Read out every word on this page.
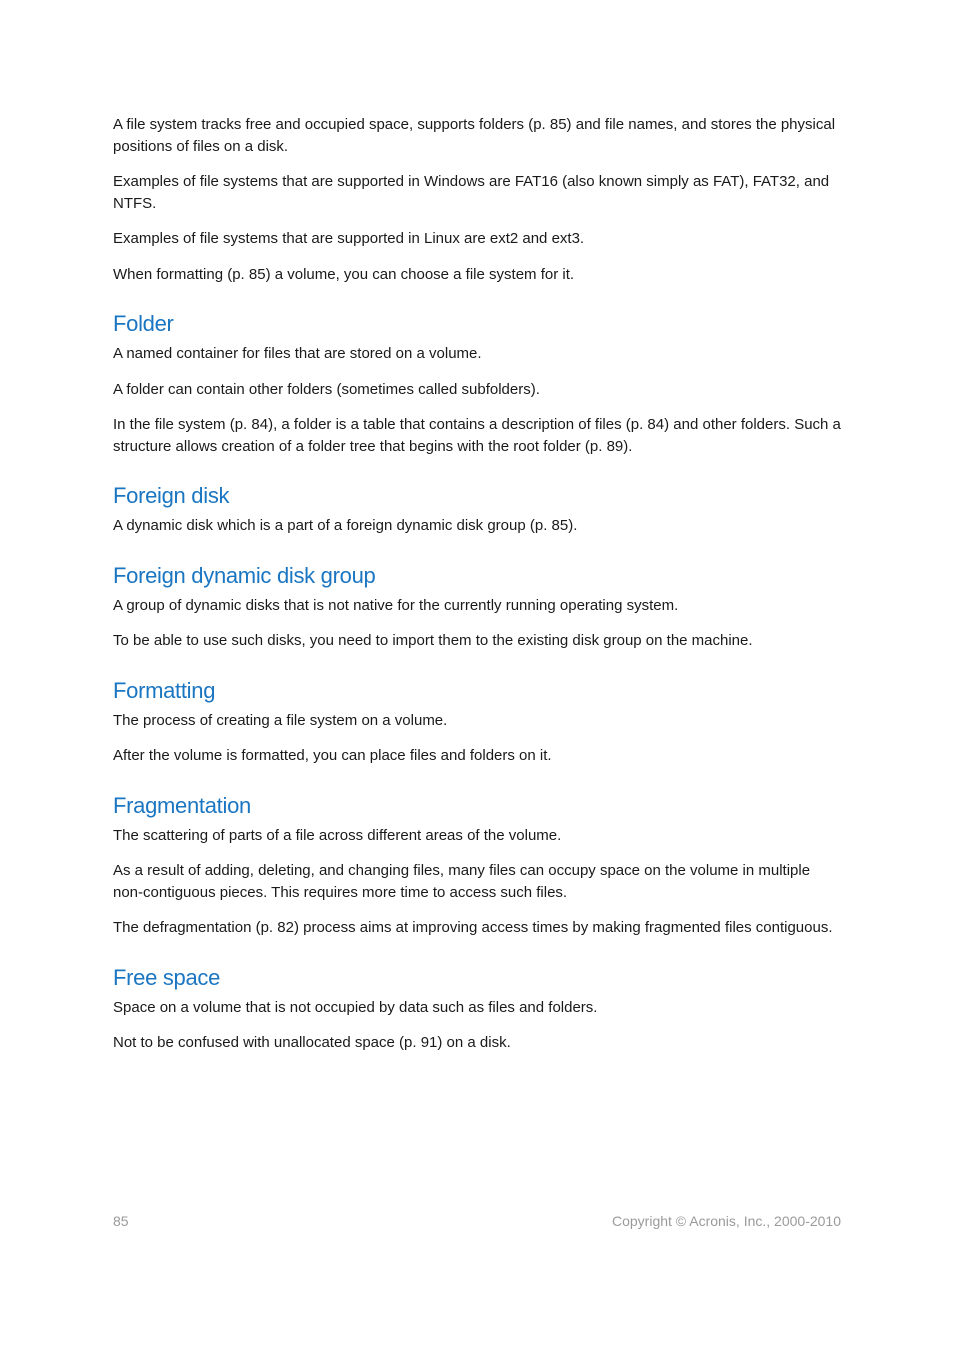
A file system tracks free and occupied space, supports folders (p. 85) and file names, and stores the physical positions of files on a disk.

Examples of file systems that are supported in Windows are FAT16 (also known simply as FAT), FAT32, and NTFS.

Examples of file systems that are supported in Linux are ext2 and ext3.

When formatting (p. 85) a volume, you can choose a file system for it.

Folder

A named container for files that are stored on a volume.

A folder can contain other folders (sometimes called subfolders).

In the file system (p. 84), a folder is a table that contains a description of files (p. 84) and other folders. Such a structure allows creation of a folder tree that begins with the root folder (p. 89).

Foreign disk

A dynamic disk which is a part of a foreign dynamic disk group (p. 85).

Foreign dynamic disk group

A group of dynamic disks that is not native for the currently running operating system.

To be able to use such disks, you need to import them to the existing disk group on the machine.

Formatting

The process of creating a file system on a volume.

After the volume is formatted, you can place files and folders on it.

Fragmentation

The scattering of parts of a file across different areas of the volume.

As a result of adding, deleting, and changing files, many files can occupy space on the volume in multiple non-contiguous pieces. This requires more time to access such files.

The defragmentation (p. 82) process aims at improving access times by making fragmented files contiguous.

Free space

Space on a volume that is not occupied by data such as files and folders.

Not to be confused with unallocated space (p. 91) on a disk.

85	Copyright © Acronis, Inc., 2000-2010
